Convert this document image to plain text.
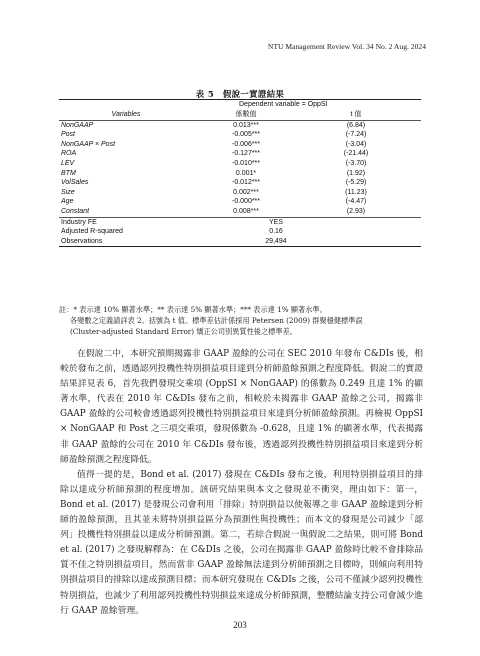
NTU Management Review Vol. 34 No. 2 Aug. 2024
表 5　假說一實證結果
Dependent variable = OppSI
Variables	係數值	t 值
NonGAAP	0.013***	(6.84)
Post	-0.005***	(-7.24)
NonGAAP × Post	-0.006***	(-3.04)
ROA	-0.127***	(-21.44)
LEV	-0.010***	(-3.70)
BTM	0.001*	(1.92)
VolSales	-0.012***	(-5.29)
Size	0.002***	(11.23)
Age	-0.000***	(-4.47)
Constant	0.008***	(2.93)
Industry FE	YES
Adjusted R-squared	0.16
Observations	29,494
註：* 表示達 10% 顯著水準；** 表示達 5% 顯著水準；*** 表示達 1% 顯著水準。
各變數之定義請詳表 2。括號為 t 值。標準差估計係採用 Petersen (2009) 群聚穩健標準誤
(Cluster-adjusted Standard Error) 矯正公司別異質性後之標準差。

在假說二中，本研究預期揭露非 GAAP 盈餘的公司在 SEC 2010 年發布 C&DIs 後，相較於發布之前，透過認列投機性特別損益項目達到分析師盈餘預測之程度降低。假說二的實證結果詳見表 6，首先我們發現交乘項 (OppSI × NonGAAP) 的係數為 0.249 且達 1% 的顯著水準，代表在 2010 年 C&DIs 發布之前，相較於未揭露非 GAAP 盈餘之公司，揭露非 GAAP 盈餘的公司較會透過認列投機性特別損益項目來達到分析師盈餘預測。再檢視 OppSI × NonGAAP 和 Post 之三項交乘項，發現係數為 -0.628，且達 1% 的顯著水準，代表揭露非 GAAP 盈餘的公司在 2010 年 C&DIs 發布後，透過認列投機性特別損益項目來達到分析師盈餘預測之程度降低。

值得一提的是，Bond et al. (2017) 發現在 C&DIs 發布之後，利用特別損益項目的排除以達成分析師預測的程度增加。該研究結果與本文之發現並不衝突，理由如下：第一，Bond et al. (2017) 是發現公司會利用「排除」特別損益以使報導之非 GAAP 盈餘達到分析師的盈餘預測，且其並未將特別損益區分為預測性與投機性；而本文的發現是公司減少「認列」投機性特別損益以達成分析師預測。第二，若綜合假說一與假說二之結果，則可將 Bond et al. (2017) 之發現解釋為：在 C&DIs 之後，公司在揭露非 GAAP 盈餘時比較不會排除品質不佳之特別損益項目，然而當非 GAAP 盈餘無法達到分析師預測之目標時，則傾向利用特別損益項目的排除以達成預測目標；而本研究發現在 C&DIs 之後，公司不僅減少認列投機性特別損益，也減少了利用認列投機性特別損益來達成分析師預測，整體結論支持公司會減少進行 GAAP 盈餘管理。

203
